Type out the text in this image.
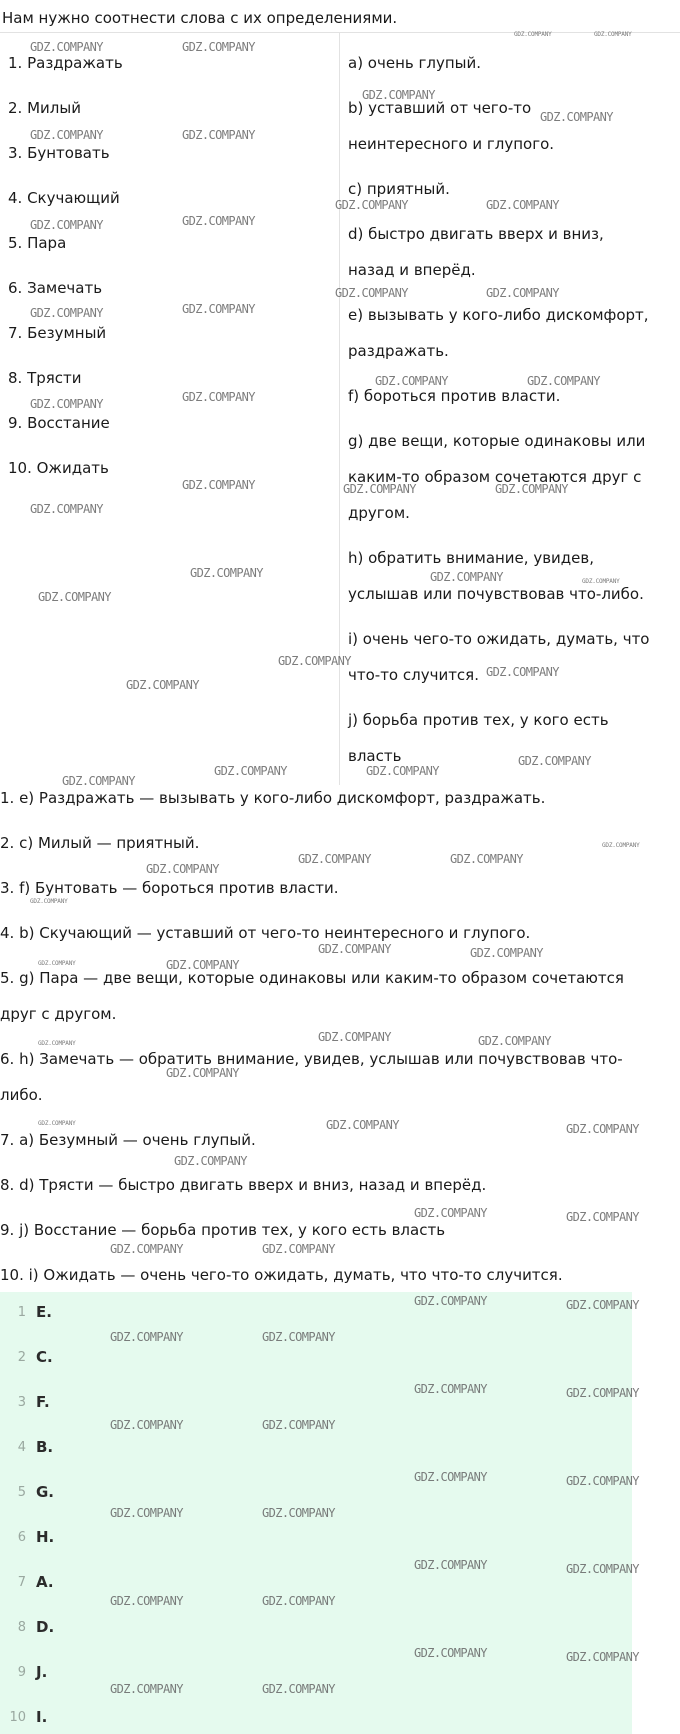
Нам нужно соотнести слова с их определениями.
1. Раздражать
2. Милый
3. Бунтовать
4. Скучающий
5. Пара
6. Замечать
7. Безумный
8. Трясти
9. Восстание
10. Ожидать
a) очень глупый.
b) уставший от чего-то
неинтересного и глупого.
c) приятный.
d) быстро двигать вверх и вниз,
назад и вперёд.
e) вызывать у кого-либо дискомфорт,
раздражать.
f) бороться против власти.
g) две вещи, которые одинаковы или
каким-то образом сочетаются друг с
другом.
h) обратить внимание, увидев,
услышав или почувствовав что-либо.
i) очень чего-то ожидать, думать, что
что-то случится.
j) борьба против тех, у кого есть
власть
1. e) Раздражать — вызывать у кого-либо дискомфорт, раздражать.
2. c) Милый — приятный.
3. f) Бунтовать — бороться против власти.
4. b) Скучающий — уставший от чего-то неинтересного и глупого.
5. g) Пара — две вещи, которые одинаковы или каким-то образом сочетаются
друг с другом.
6. h) Замечать — обратить внимание, увидев, услышав или почувствовав что-
либо.
7. a) Безумный — очень глупый.
8. d) Трясти — быстро двигать вверх и вниз, назад и вперёд.
9. j) Восстание — борьба против тех, у кого есть власть
10. i) Ожидать — очень чего-то ожидать, думать, что что-то случится.
1 E.
2 C.
3 F.
4 B.
5 G.
6 H.
7 A.
8 D.
9 J.
10 I.
GDZ.COMPANY	GDZ.COMPANY
GDZ.COMPANY	GDZ.COMPANY
GDZ.COMPANY
GDZ.COMPANY
GDZ.COMPANY	GDZ.COMPANY
GDZ.COMPANY	GDZ.COMPANY
GDZ.COMPANY	GDZ.COMPANY
GDZ.COMPANY	GDZ.COMPANY
GDZ.COMPANY	GDZ.COMPANY
GDZ.COMPANY	GDZ.COMPANY
GDZ.COMPANY	GDZ.COMPANY
GDZ.COMPANY
GDZ.COMPANY
GDZ.COMPANY	GDZ.COMPANY
GDZ.COMPANY	GDZ.COMPANY	GDZ.COMPANY
GDZ.COMPANY
GDZ.COMPANY
GDZ.COMPANY
GDZ.COMPANY
GDZ.COMPANY
GDZ.COMPANY	GDZ.COMPANY
GDZ.COMPANY
GDZ.COMPANY
GDZ.COMPANY	GDZ.COMPANY
GDZ.COMPANY
GDZ.COMPANY
GDZ.COMPANY	GDZ.COMPANY
GDZ.COMPANY	GDZ.COMPANY
GDZ.COMPANY	GDZ.COMPANY
GDZ.COMPANY
GDZ.COMPANY
GDZ.COMPANY	GDZ.COMPANY	GDZ.COMPANY
GDZ.COMPANY
GDZ.COMPANY	GDZ.COMPANY
GDZ.COMPANY	GDZ.COMPANY
GDZ.COMPANY	GDZ.COMPANY
GDZ.COMPANY	GDZ.COMPANY
GDZ.COMPANY	GDZ.COMPANY
GDZ.COMPANY	GDZ.COMPANY
GDZ.COMPANY	GDZ.COMPANY
GDZ.COMPANY	GDZ.COMPANY
GDZ.COMPANY	GDZ.COMPANY
GDZ.COMPANY	GDZ.COMPANY
GDZ.COMPANY	GDZ.COMPANY
GDZ.COMPANY	GDZ.COMPANY
